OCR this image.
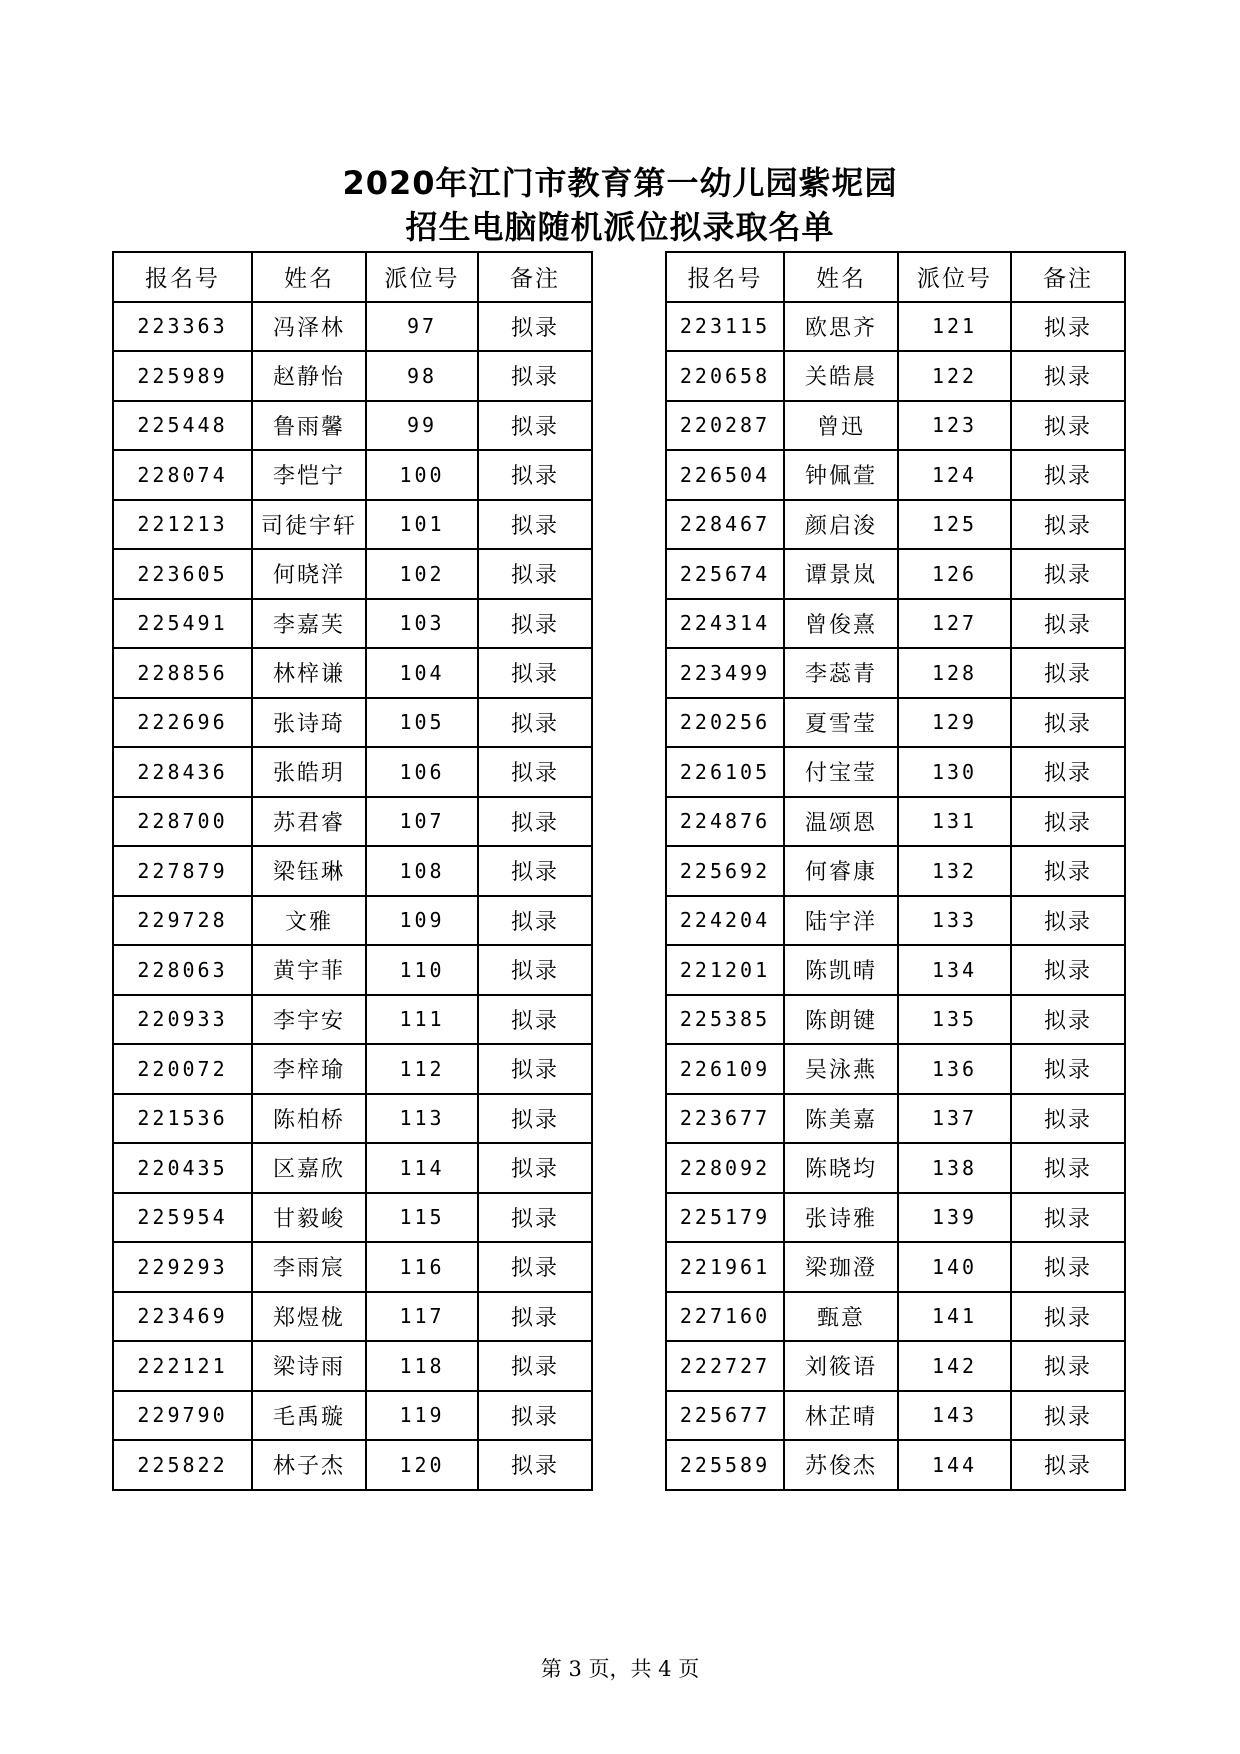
2020年江门市教育第一幼儿园紫坭园
招生电脑随机派位拟录取名单
报名号	姓名	派位号	备注
223363	冯泽林	97	拟录
225989	赵静怡	98	拟录
225448	鲁雨馨	99	拟录
228074	李恺宁	100	拟录
221213	司徒宇轩	101	拟录
223605	何晓洋	102	拟录
225491	李嘉芙	103	拟录
228856	林梓谦	104	拟录
222696	张诗琦	105	拟录
228436	张皓玥	106	拟录
228700	苏君睿	107	拟录
227879	梁钰琳	108	拟录
229728	文雅	109	拟录
228063	黄宇菲	110	拟录
220933	李宇安	111	拟录
220072	李梓瑜	112	拟录
221536	陈柏桥	113	拟录
220435	区嘉欣	114	拟录
225954	甘毅峻	115	拟录
229293	李雨宸	116	拟录
223469	郑煜栊	117	拟录
222121	梁诗雨	118	拟录
229790	毛禹璇	119	拟录
225822	林子杰	120	拟录
报名号	姓名	派位号	备注
223115	欧思齐	121	拟录
220658	关皓晨	122	拟录
220287	曾迅	123	拟录
226504	钟佩萱	124	拟录
228467	颜启浚	125	拟录
225674	谭景岚	126	拟录
224314	曾俊熹	127	拟录
223499	李蕊青	128	拟录
220256	夏雪莹	129	拟录
226105	付宝莹	130	拟录
224876	温颂恩	131	拟录
225692	何睿康	132	拟录
224204	陆宇洋	133	拟录
221201	陈凯晴	134	拟录
225385	陈朗键	135	拟录
226109	吴泳燕	136	拟录
223677	陈美嘉	137	拟录
228092	陈晓均	138	拟录
225179	张诗雅	139	拟录
221961	梁珈澄	140	拟录
227160	甄意	141	拟录
222727	刘筱语	142	拟录
225677	林芷晴	143	拟录
225589	苏俊杰	144	拟录
第 3 页，共 4 页
